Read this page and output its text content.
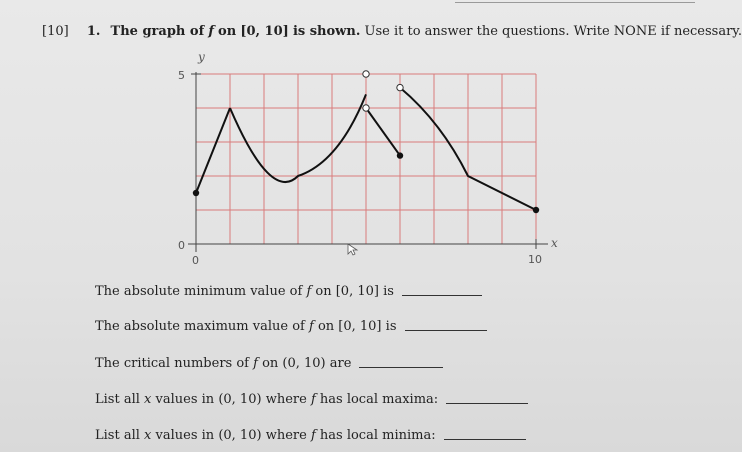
[10] 1. The graph of f on [0, 10] is shown. Use it to answer the questions. Write NONE if necessary.
y
5
0
0	10
x
The absolute minimum value of
f
on
[0, 10]
is
The absolute maximum value of
f
on
[0, 10]
is
The critical numbers of
f
on
(0, 10)
are
List all
x
values in
(0, 10)
where
f
has local maxima:
List all
x
values in
(0, 10)
where
f
has local minima:
